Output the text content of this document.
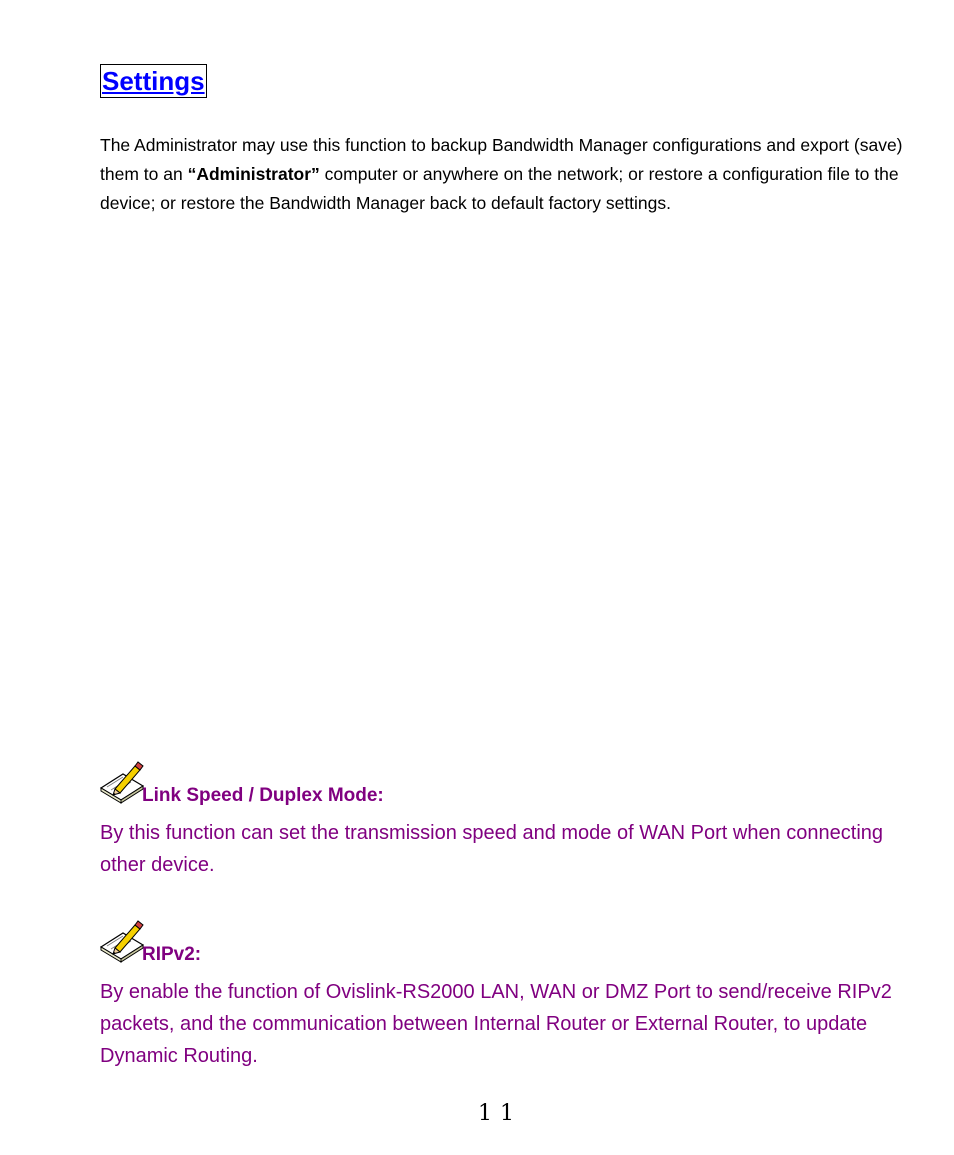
Settings

The Administrator may use this function to backup Bandwidth Manager configurations and export (save) them to an “Administrator” computer or anywhere on the network; or restore a configuration file to the device; or restore the Bandwidth Manager back to default factory settings.

Link Speed / Duplex Mode:

By this function can set the transmission speed and mode of WAN Port when connecting other device.

RIPv2:

By enable the function of Ovislink-RS2000 LAN, WAN or DMZ Port to send/receive RIPv2 packets, and the communication between Internal Router or External Router, to update Dynamic Routing.

11
